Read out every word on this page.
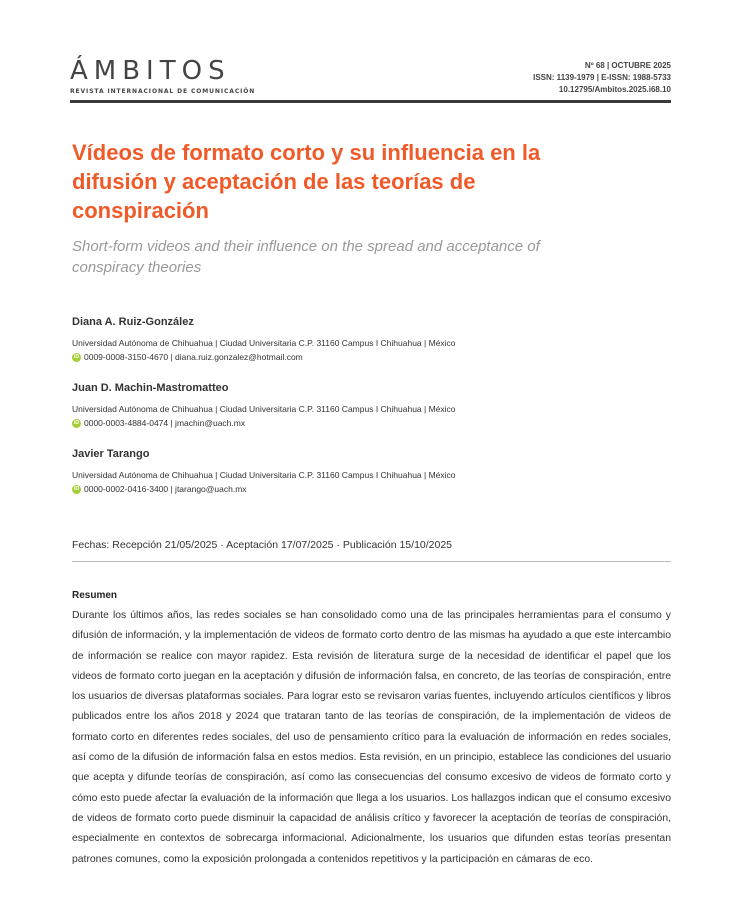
ÁMBITOS
REVISTA INTERNACIONAL DE COMUNICACIÓN
Nº 68 | OCTUBRE 2025
ISSN: 1139-1979 | E-ISSN: 1988-5733
10.12795/Ambitos.2025.i68.10
Vídeos de formato corto y su influencia en la difusión y aceptación de las teorías de conspiración

Short-form videos and their influence on the spread and acceptance of conspiracy theories

Diana A. Ruiz-González
Universidad Autónoma de Chihuahua | Ciudad Universitaria C.P. 31160 Campus I Chihuahua | México
iD 0009-0008-3150-4670 | diana.ruiz.gonzalez@hotmail.com
Juan D. Machin-Mastromatteo
Universidad Autónoma de Chihuahua | Ciudad Universitaria C.P. 31160 Campus I Chihuahua | México
iD 0000-0003-4884-0474 | jmachin@uach.mx
Javier Tarango
Universidad Autónoma de Chihuahua | Ciudad Universitaria C.P. 31160 Campus I Chihuahua | México
iD 0000-0002-0416-3400 | jtarango@uach.mx
Fechas: Recepción 21/05/2025 · Aceptación 17/07/2025 · Publicación 15/10/2025
Resumen

Durante los últimos años, las redes sociales se han consolidado como una de las principales herramientas para el consumo y difusión de información, y la implementación de videos de formato corto dentro de las mismas ha ayudado a que este intercambio de información se realice con mayor rapidez. Esta revisión de literatura surge de la necesidad de identificar el papel que los videos de formato corto juegan en la aceptación y difusión de información falsa, en concreto, de las teorías de conspiración, entre los usuarios de diversas plataformas sociales. Para lograr esto se revisaron varias fuentes, incluyendo artículos científicos y libros publicados entre los años 2018 y 2024 que trataran tanto de las teorías de conspiración, de la implementación de videos de formato corto en diferentes redes sociales, del uso de pensamiento crítico para la evaluación de información en redes sociales, así como de la difusión de información falsa en estos medios. Esta revisión, en un principio, establece las condiciones del usuario que acepta y difunde teorías de conspiración, así como las consecuencias del consumo excesivo de videos de formato corto y cómo esto puede afectar la evaluación de la información que llega a los usuarios. Los hallazgos indican que el consumo excesivo de videos de formato corto puede disminuir la capacidad de análisis crítico y favorecer la aceptación de teorías de conspiración, especialmente en contextos de sobrecarga informacional. Adicionalmente, los usuarios que difunden estas teorías presentan patrones comunes, como la exposición prolongada a contenidos repetitivos y la participación en cámaras de eco.
